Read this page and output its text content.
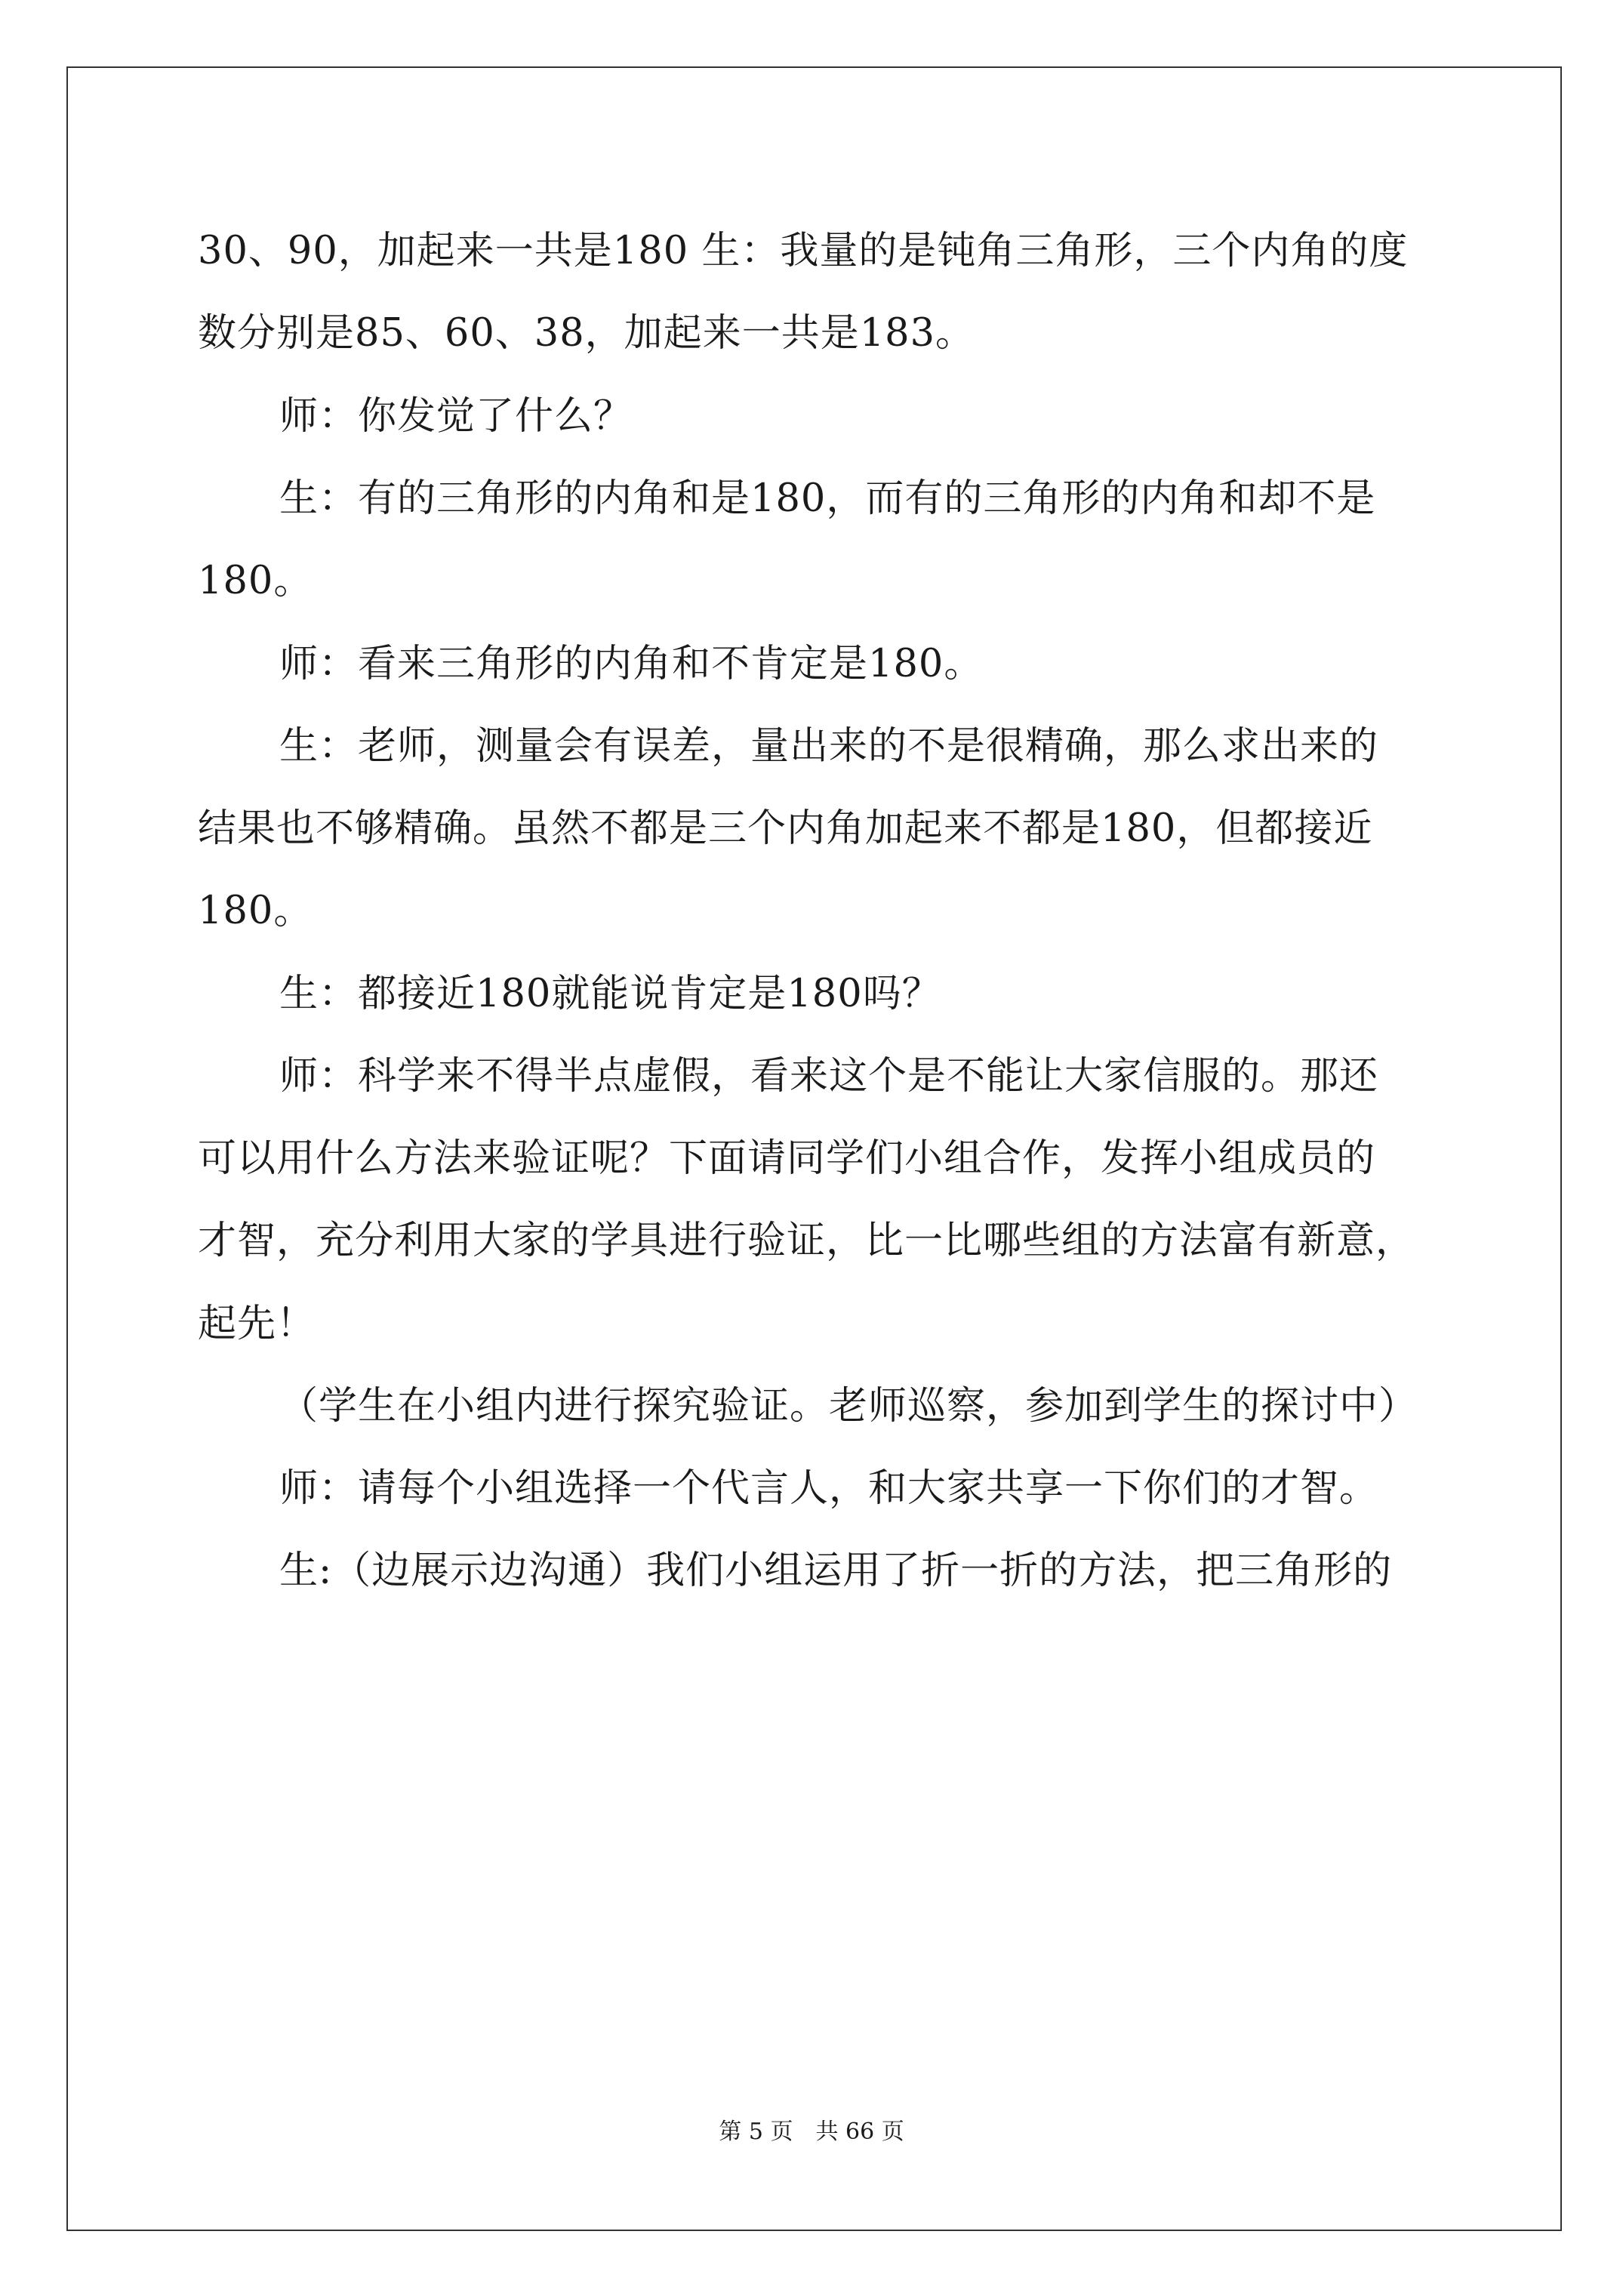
30、90，加起来一共是180 生：我量的是钝角三角形，三个内角的度
数分别是85、60、38，加起来一共是183。
师：你发觉了什么？
生：有的三角形的内角和是180，而有的三角形的内角和却不是
180。
师：看来三角形的内角和不肯定是180。
生：老师，测量会有误差，量出来的不是很精确，那么求出来的
结果也不够精确。虽然不都是三个内角加起来不都是180，但都接近
180。
生：都接近180就能说肯定是180吗？
师：科学来不得半点虚假，看来这个是不能让大家信服的。那还
可以用什么方法来验证呢？下面请同学们小组合作，发挥小组成员的
才智，充分利用大家的学具进行验证，比一比哪些组的方法富有新意，
起先！
（学生在小组内进行探究验证。老师巡察，参加到学生的探讨中）
师：请每个小组选择一个代言人，和大家共享一下你们的才智。
生:（边展示边沟通）我们小组运用了折一折的方法，把三角形的
第 5 页 共 66 页
